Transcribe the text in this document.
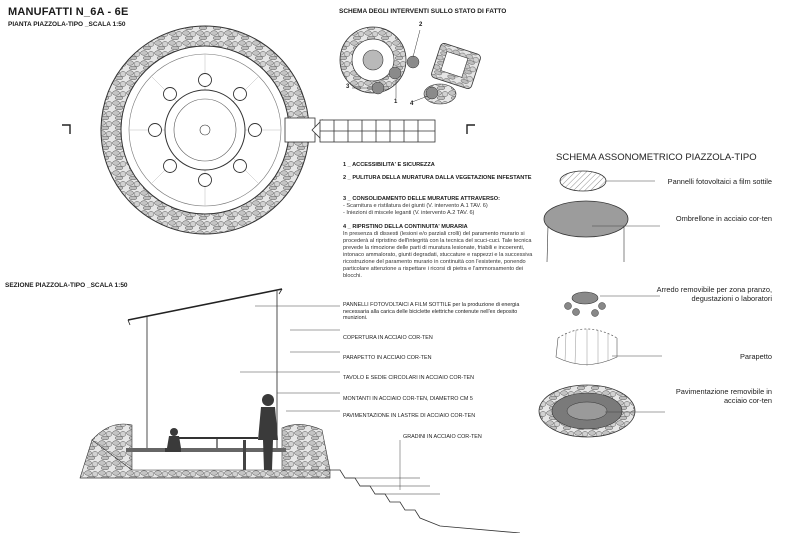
MANUFATTI N_6A - 6E
PIANTA PIAZZOLA-TIPO _SCALA 1:50
SEZIONE PIAZZOLA-TIPO _SCALA 1:50
SCHEMA DEGLI INTERVENTI SULLO STATO DI FATTO
SCHEMA ASSONOMETRICO PIAZZOLA-TIPO
2
3
1 4
1 _ ACCESSIBILITA' E SICUREZZA
2 _ PULITURA DELLA MURATURA DALLA VEGETAZIONE INFESTANTE
3 _ CONSOLIDAMENTO DELLE MURATURE ATTRAVERSO:
- Scarnitura e ristilatura dei giunti (V. intervento A.1 TAV. 6)
- Iniezioni di miscele leganti (V. intervento A.2 TAV. 6)
4 _ RIPRSTINO DELLA CONTINUITA' MURARIA
In presenza di dissesti (lesioni e/o parziali crolli) del paramento murario si procederà al ripristino dell'integrità con la tecnica del scuci-cuci. Tale tecnica prevede la rimozione delle parti di muratura lesionate, friabili e incoerenti, intonaco ammalorato, giunti degradati, stuccature e rappezzi e la successiva ricostruzione del paramento murario in continuità con l'esistente, ponendo particolare attenzione a rispettare i ricorsi di pietra e l'ammorsamento dei blocchi.
PANNELLI FOTOVOLTAICI A FILM SOTTILE per la produzione di energia necessaria alla carica delle biciclette elettriche contenute nell'ex deposito munizioni.
COPERTURA IN ACCIAIO COR-TEN
PARAPETTO IN ACCIAIO COR-TEN
TAVOLO E SEDIE CIRCOLARI IN ACCIAIO COR-TEN
MONTANTI IN ACCIAIO COR-TEN, DIAMETRO CM 5
PAVIMENTAZIONE IN LASTRE DI ACCIAIO COR-TEN
GRADINI IN ACCIAIO COR-TEN
Pannelli fotovoltaici a film sottile
Ombrellone in acciaio cor-ten
Arredo removibile per zona pranzo, degustazioni o laboratori
Parapetto
Pavimentazione removibile in acciaio cor-ten
